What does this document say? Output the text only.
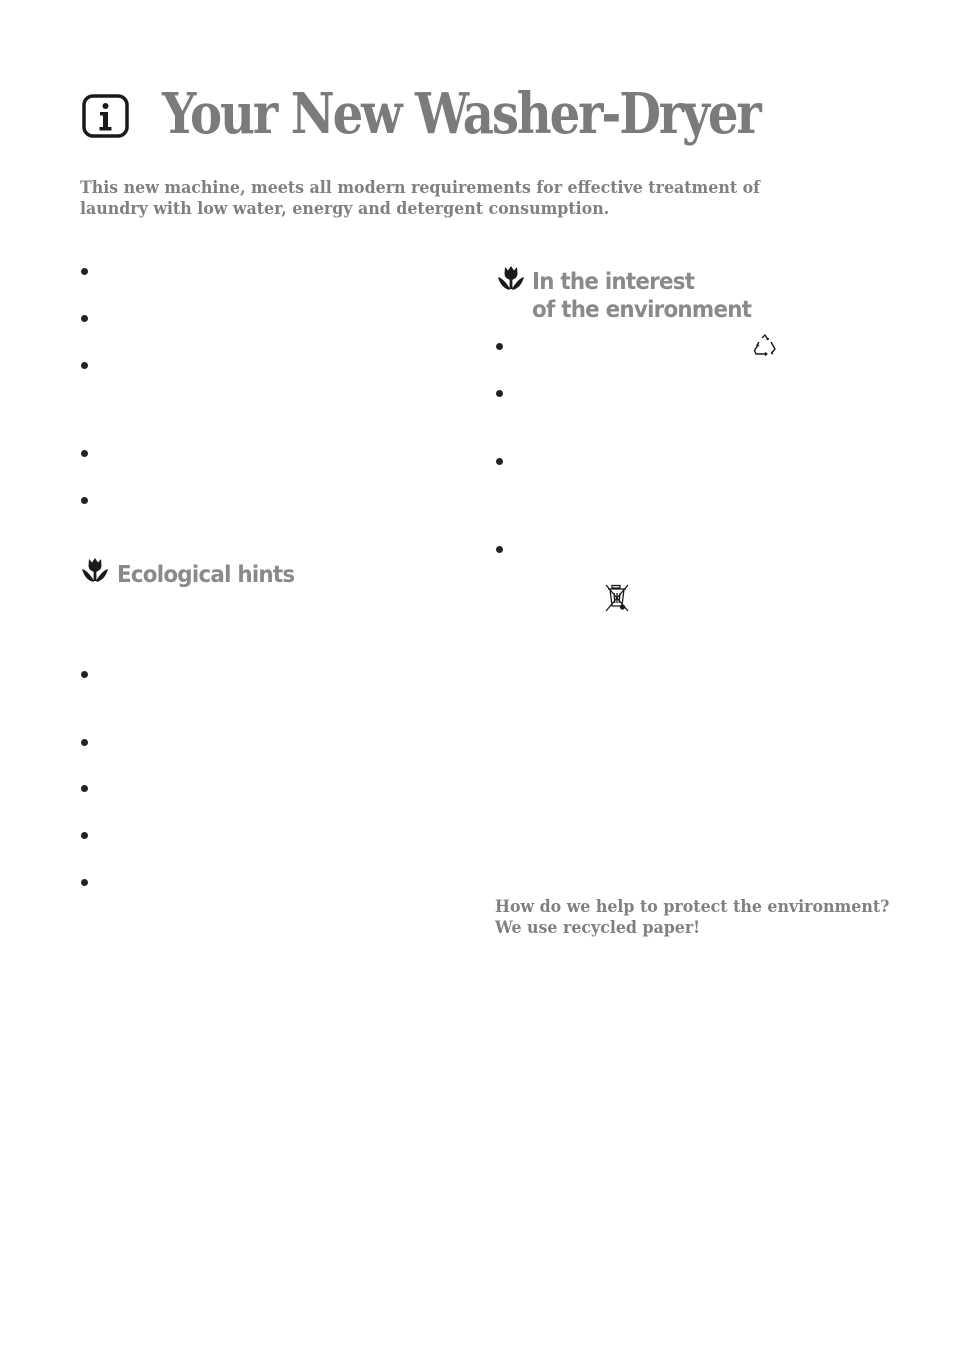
Your New Washer-Dryer
This new machine, meets all modern requirements for effective treatment of laundry with low water, energy and detergent consumption.
Ecological hints
In the interest
of the environment
How do we help to protect the environment?
We use recycled paper!
